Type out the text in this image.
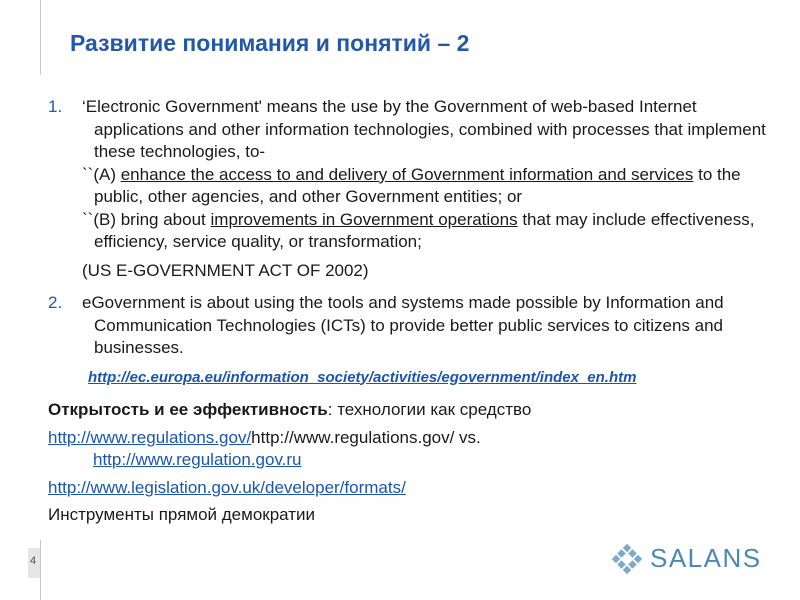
Развитие понимания и понятий – 2
1. ‘Electronic Government' means the use by the Government of web-based Internet applications and other information technologies, combined with processes that implement these technologies, to-
``(A) enhance the access to and delivery of Government information and services to the public, other agencies, and other Government entities; or
``(B) bring about improvements in Government operations that may include effectiveness, efficiency, service quality, or transformation;
(US E-GOVERNMENT ACT OF 2002)
2. eGovernment is about using the tools and systems made possible by Information and Communication Technologies (ICTs) to provide better public services to citizens and businesses.
http://ec.europa.eu/information_society/activities/egovernment/index_en.htm
Открытость и ее эффективность: технологии как средство
http://www.regulations.gov/http://www.regulations.gov/ vs.
http://www.regulation.gov.ru
http://www.legislation.gov.uk/developer/formats/
Инструменты прямой демократии
4	SALANS
